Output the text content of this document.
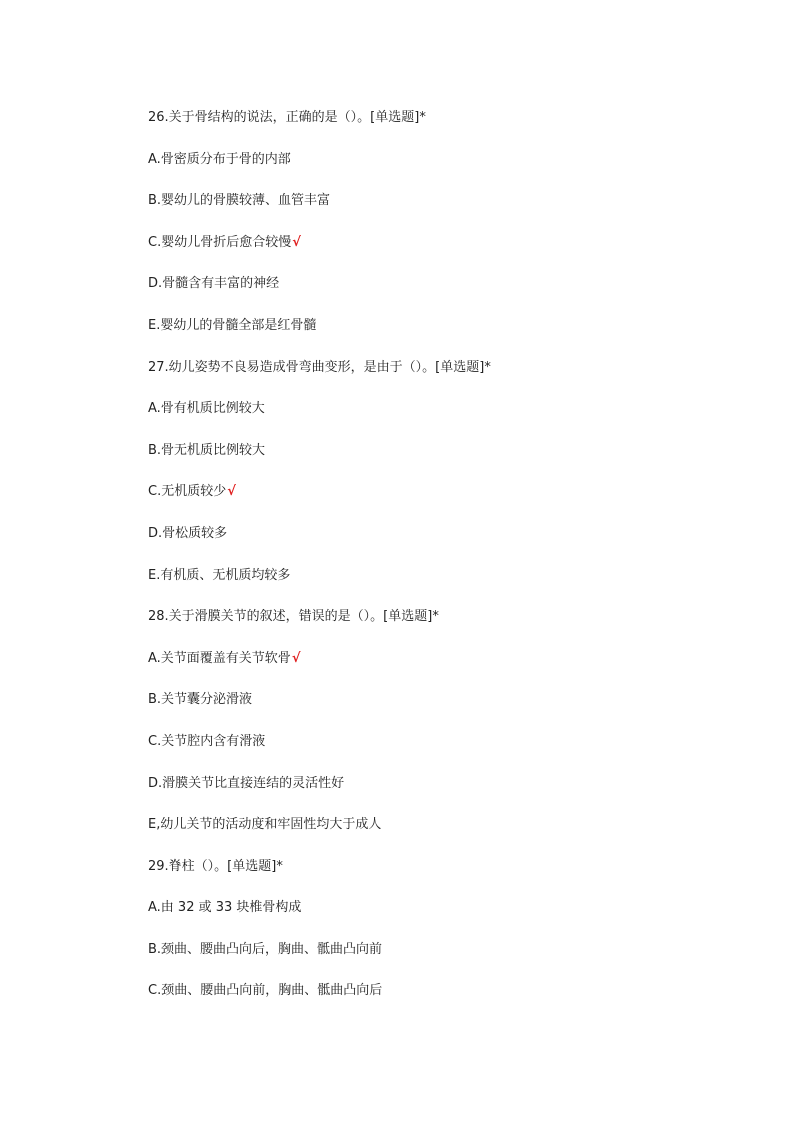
26.关于骨结构的说法，正确的是（）。[单选题]*
A.骨密质分布于骨的内部
B.婴幼儿的骨膜较薄、血管丰富
C.婴幼儿骨折后愈合较慢√
D.骨髓含有丰富的神经
E.婴幼儿的骨髓全部是红骨髓
27.幼儿姿势不良易造成骨弯曲变形，是由于（）。[单选题]*
A.骨有机质比例较大
B.骨无机质比例较大
C.无机质较少√
D.骨松质较多
E.有机质、无机质均较多
28.关于滑膜关节的叙述，错误的是（）。[单选题]*
A.关节面覆盖有关节软骨√
B.关节囊分泌滑液
C.关节腔内含有滑液
D.滑膜关节比直接连结的灵活性好
E,幼儿关节的活动度和牢固性均大于成人
29.脊柱（）。[单选题]*
A.由 32 或 33 块椎骨构成
B.颈曲、腰曲凸向后，胸曲、骶曲凸向前
C.颈曲、腰曲凸向前，胸曲、骶曲凸向后
